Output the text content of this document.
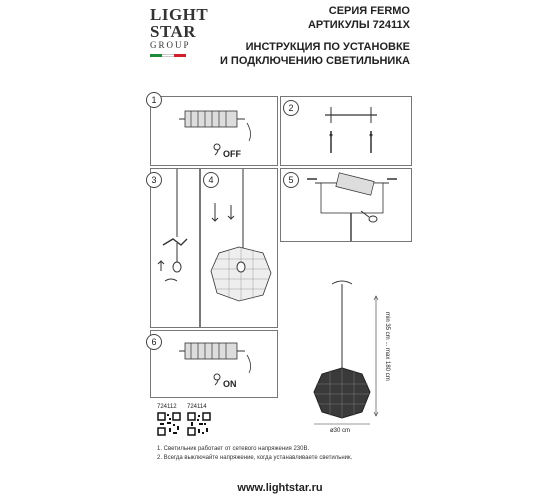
LIGHT
STAR
GROUP
СЕРИЯ FERMO
АРТИКУЛЫ 72411X
ИНСТРУКЦИЯ ПО УСТАНОВКЕ
И ПОДКЛЮЧЕНИЮ СВЕТИЛЬНИКА
OFF
1
2
3	4	5
min 35 cm ... max 180 cm
ø30 cm
ON
6
724112 724114
1. Светильник работает от сетевого напряжения 230В.
2. Всегда выключайте напряжение, когда устанавливаете светильник.
www.lightstar.ru
